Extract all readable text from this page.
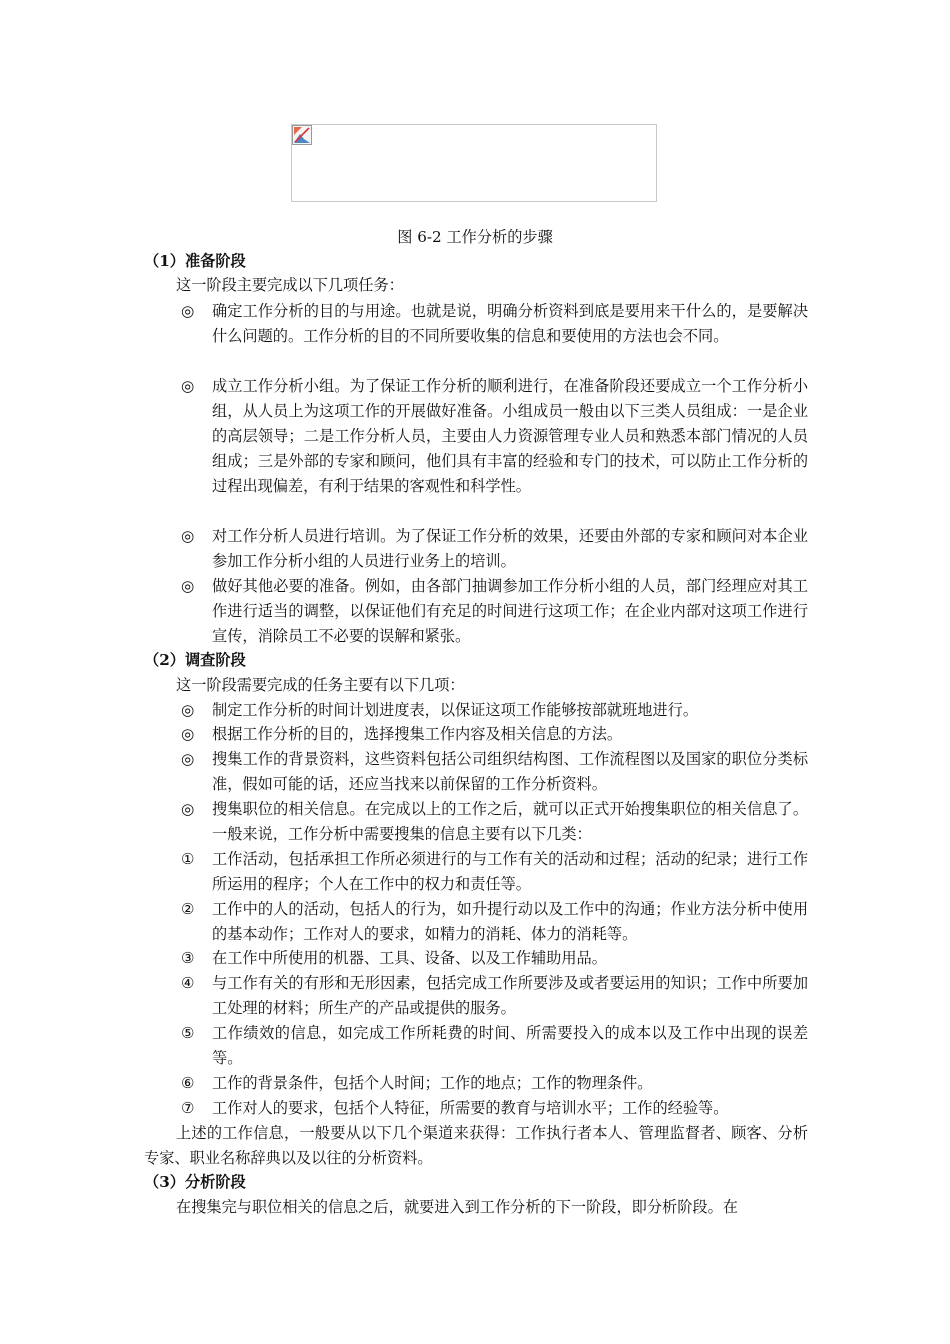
图 6-2 工作分析的步骤
（1）准备阶段
这一阶段主要完成以下几项任务：
◎	确定工作分析的目的与用途。也就是说，明确分析资料到底是要用来干什么的，是要解决什么问题的。工作分析的目的不同所要收集的信息和要使用的方法也会不同。
◎	成立工作分析小组。为了保证工作分析的顺利进行，在准备阶段还要成立一个工作分析小组，从人员上为这项工作的开展做好准备。小组成员一般由以下三类人员组成：一是企业的高层领导；二是工作分析人员，主要由人力资源管理专业人员和熟悉本部门情况的人员组成；三是外部的专家和顾问，他们具有丰富的经验和专门的技术，可以防止工作分析的过程出现偏差，有利于结果的客观性和科学性。
◎	对工作分析人员进行培训。为了保证工作分析的效果，还要由外部的专家和顾问对本企业参加工作分析小组的人员进行业务上的培训。
◎	做好其他必要的准备。例如，由各部门抽调参加工作分析小组的人员，部门经理应对其工作进行适当的调整，以保证他们有充足的时间进行这项工作；在企业内部对这项工作进行宣传，消除员工不必要的误解和紧张。
（2）调查阶段
这一阶段需要完成的任务主要有以下几项：
◎	制定工作分析的时间计划进度表，以保证这项工作能够按部就班地进行。
◎	根据工作分析的目的，选择搜集工作内容及相关信息的方法。
◎	搜集工作的背景资料，这些资料包括公司组织结构图、工作流程图以及国家的职位分类标准，假如可能的话，还应当找来以前保留的工作分析资料。
◎	搜集职位的相关信息。在完成以上的工作之后，就可以正式开始搜集职位的相关信息了。一般来说，工作分析中需要搜集的信息主要有以下几类：
①	工作活动，包括承担工作所必须进行的与工作有关的活动和过程；活动的纪录；进行工作所运用的程序；个人在工作中的权力和责任等。
②	工作中的人的活动，包括人的行为，如升提行动以及工作中的沟通；作业方法分析中使用的基本动作；工作对人的要求，如精力的消耗、体力的消耗等。
③	在工作中所使用的机器、工具、设备、以及工作辅助用品。
④	与工作有关的有形和无形因素，包括完成工作所要涉及或者要运用的知识；工作中所要加工处理的材料；所生产的产品或提供的服务。
⑤	工作绩效的信息，如完成工作所耗费的时间、所需要投入的成本以及工作中出现的误差等。
⑥	工作的背景条件，包括个人时间；工作的地点；工作的物理条件。
⑦	工作对人的要求，包括个人特征，所需要的教育与培训水平；工作的经验等。
上述的工作信息，一般要从以下几个渠道来获得：工作执行者本人、管理监督者、顾客、分析专家、职业名称辞典以及以往的分析资料。
（3）分析阶段
在搜集完与职位相关的信息之后，就要进入到工作分析的下一阶段，即分析阶段。在
